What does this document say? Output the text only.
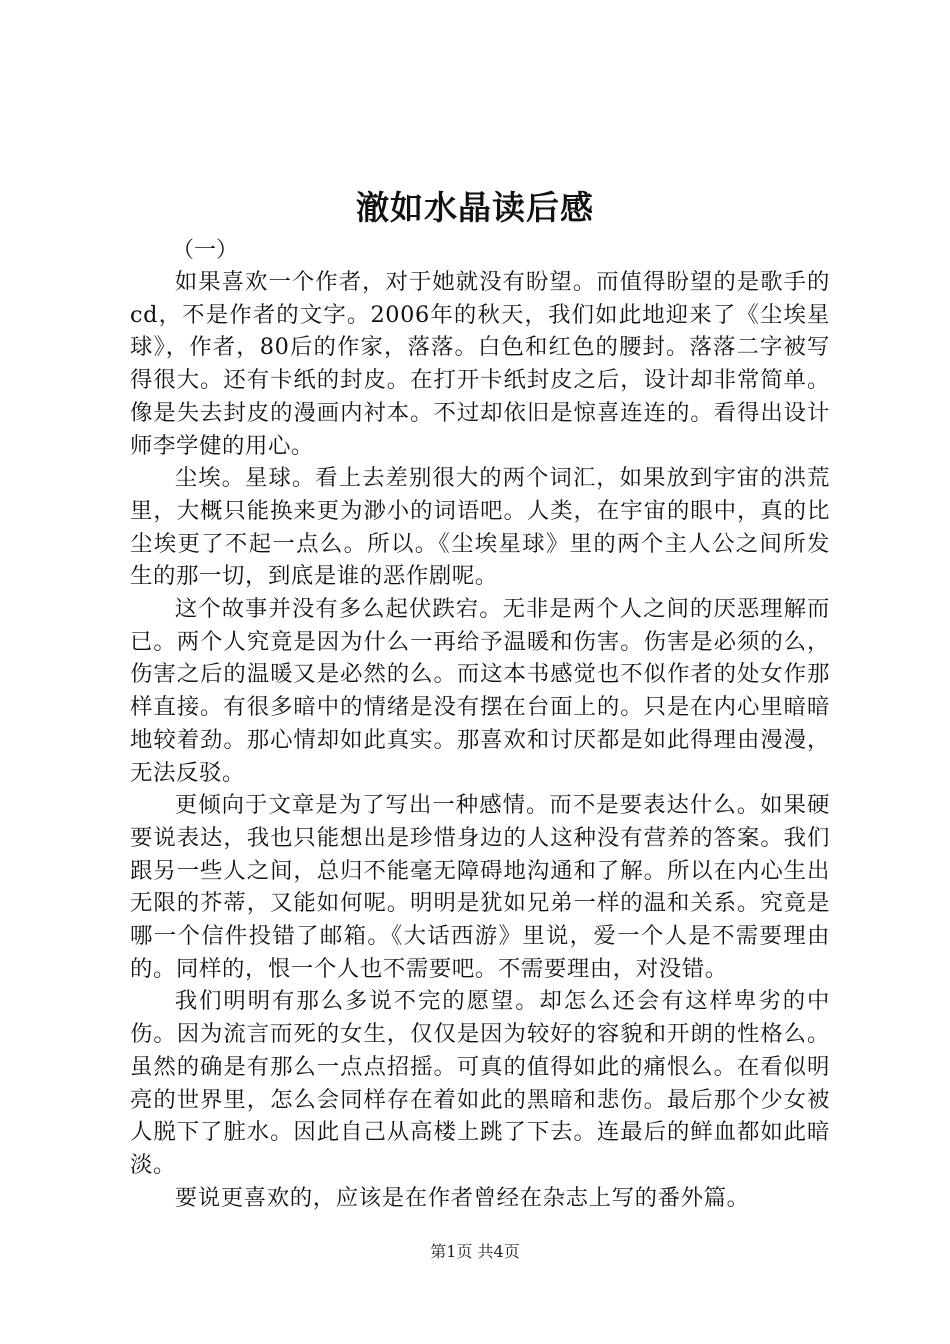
澈如水晶读后感
（一）

如果喜欢一个作者，对于她就没有盼望。而值得盼望的是歌手的cd，不是作者的文字。2006年的秋天，我们如此地迎来了《尘埃星球》，作者，80后的作家，落落。白色和红色的腰封。落落二字被写得很大。还有卡纸的封皮。在打开卡纸封皮之后，设计却非常简单。像是失去封皮的漫画内衬本。不过却依旧是惊喜连连的。看得出设计师李学健的用心。

尘埃。星球。看上去差别很大的两个词汇，如果放到宇宙的洪荒里，大概只能换来更为渺小的词语吧。人类，在宇宙的眼中，真的比尘埃更了不起一点么。所以。《尘埃星球》里的两个主人公之间所发生的那一切，到底是谁的恶作剧呢。

这个故事并没有多么起伏跌宕。无非是两个人之间的厌恶理解而已。两个人究竟是因为什么一再给予温暖和伤害。伤害是必须的么，伤害之后的温暖又是必然的么。而这本书感觉也不似作者的处女作那样直接。有很多暗中的情绪是没有摆在台面上的。只是在内心里暗暗地较着劲。那心情却如此真实。那喜欢和讨厌都是如此得理由漫漫，无法反驳。

更倾向于文章是为了写出一种感情。而不是要表达什么。如果硬要说表达，我也只能想出是珍惜身边的人这种没有营养的答案。我们跟另一些人之间，总归不能毫无障碍地沟通和了解。所以在内心生出无限的芥蒂，又能如何呢。明明是犹如兄弟一样的温和关系。究竟是哪一个信件投错了邮箱。《大话西游》里说，爱一个人是不需要理由的。同样的，恨一个人也不需要吧。不需要理由，对没错。

我们明明有那么多说不完的愿望。却怎么还会有这样卑劣的中伤。因为流言而死的女生，仅仅是因为较好的容貌和开朗的性格么。虽然的确是有那么一点点招摇。可真的值得如此的痛恨么。在看似明亮的世界里，怎么会同样存在着如此的黑暗和悲伤。最后那个少女被人脱下了脏水。因此自己从高楼上跳了下去。连最后的鲜血都如此暗淡。

要说更喜欢的，应该是在作者曾经在杂志上写的番外篇。

第1页 共4页
